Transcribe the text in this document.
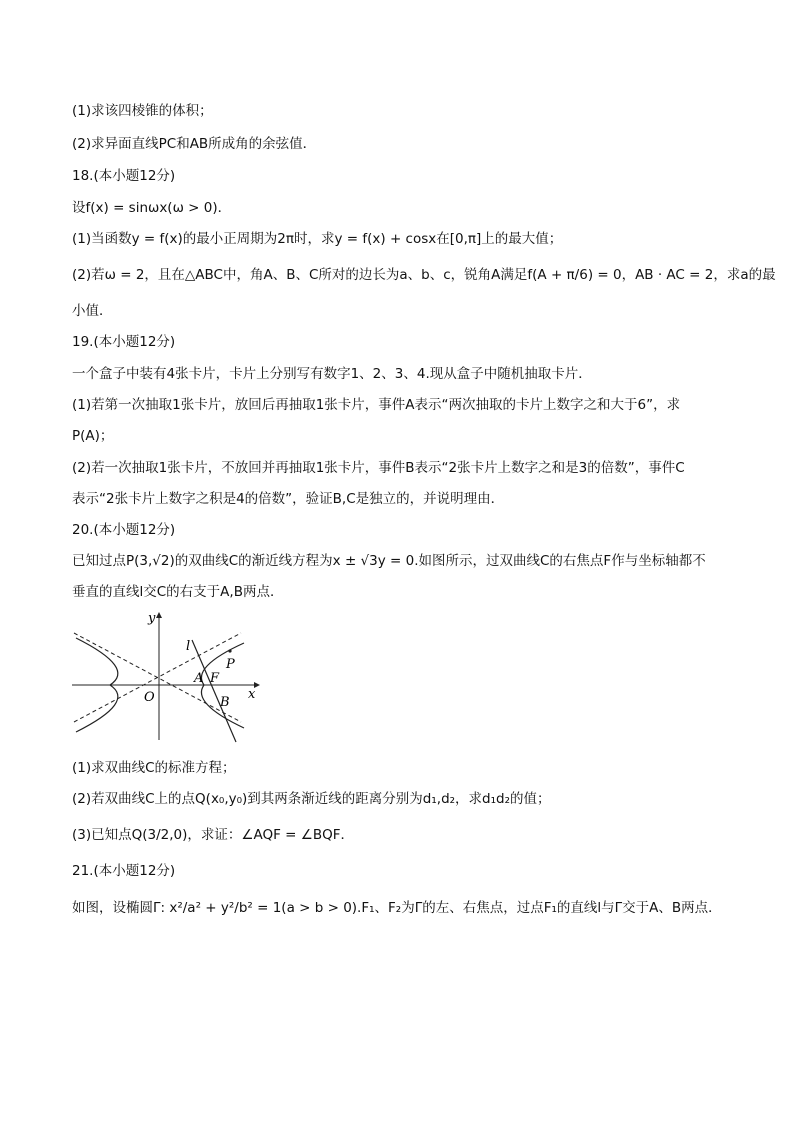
(1)求该四棱锥的体积；
(2)求异面直线PC和AB所成角的余弦值．
18.(本小题12分)
设f(x) = sinωx(ω > 0)．
(1)当函数y = f(x)的最小正周期为2π时，求y = f(x) + cosx在[0,π]上的最大值；
(2)若ω = 2，且在△ABC中，角A、B、C所对的边长为a、b、c，锐角A满足f(A + π/6) = 0，AB · AC = 2，求a的最
小值．
19.(本小题12分)
一个盒子中装有4张卡片，卡片上分别写有数字1、2、3、4.现从盒子中随机抽取卡片．
(1)若第一次抽取1张卡片，放回后再抽取1张卡片，事件A表示“两次抽取的卡片上数字之和大于6”，求
P(A)；
(2)若一次抽取1张卡片，不放回并再抽取1张卡片，事件B表示“2张卡片上数字之和是3的倍数”，事件C
表示“2张卡片上数字之积是4的倍数”，验证B,C是独立的，并说明理由．
20.(本小题12分)
已知过点P(3,√2)的双曲线C的渐近线方程为x ± √3y = 0.如图所示，过双曲线C的右焦点F作与坐标轴都不
垂直的直线l交C的右支于A,B两点．
y
x
O
l
P
A F
B
(1)求双曲线C的标准方程；
(2)若双曲线C上的点Q(x₀,y₀)到其两条渐近线的距离分别为d₁,d₂，求d₁d₂的值；
(3)已知点Q(3/2,0)，求证：∠AQF = ∠BQF．
21.(本小题12分)
如图，设椭圆Γ: x²/a² + y²/b² = 1(a > b > 0).F₁、F₂为Γ的左、右焦点，过点F₁的直线l与Γ交于A、B两点．
